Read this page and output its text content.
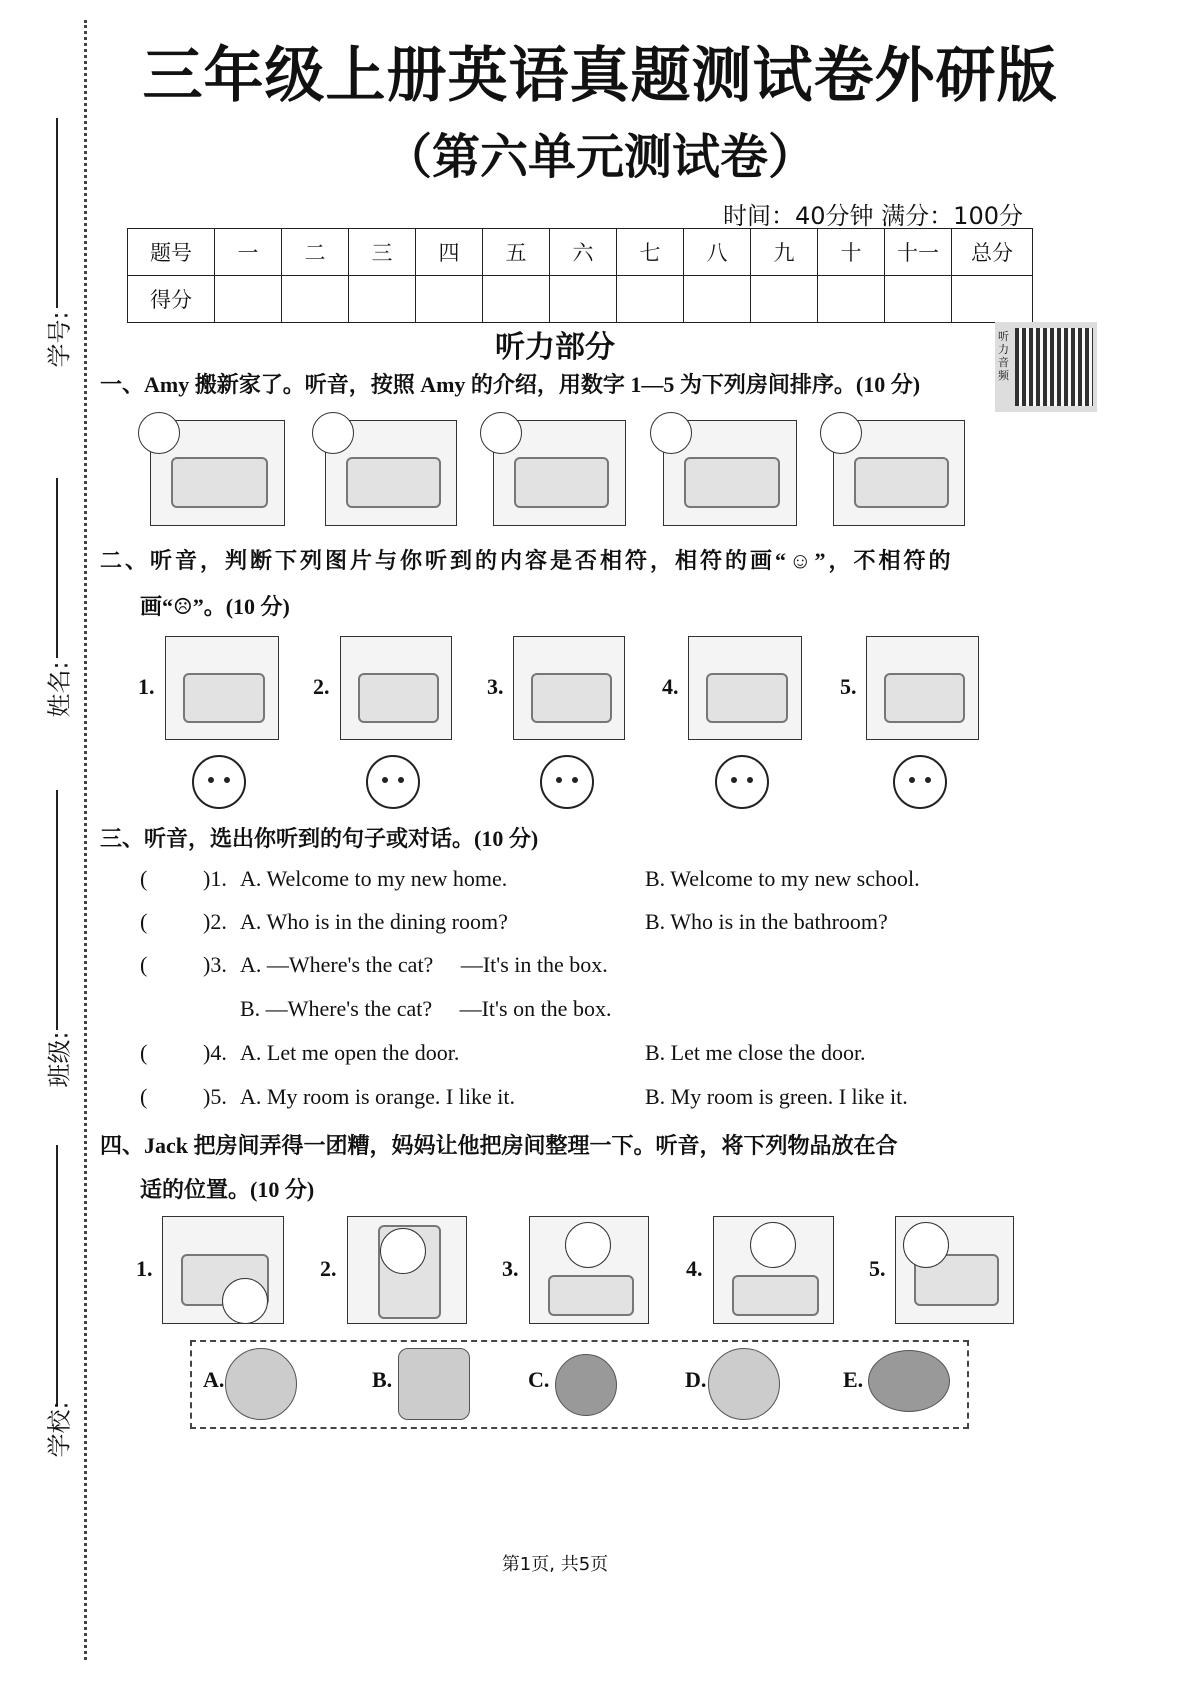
学号:
姓名:
班级:
学校:
三年级上册英语真题测试卷外研版
（第六单元测试卷）
时间：40分钟 满分：100分
题号	一	二	三	四	五	六	七	八	九	十	十一	总分
得分												
听力部分	听力音频
一、Amy 搬新家了。听音，按照 Amy 的介绍，用数字 1—5 为下列房间排序。(10 分)
二、听音，判断下列图片与你听到的内容是否相符，相符的画“☺”，不相符的
画“☹”。(10 分)
1.	2.	3.	4.	5.
三、听音，选出你听到的句子或对话。(10 分)
(	)1. A. Welcome to my new home.	B. Welcome to my new school.
(	)2. A. Who is in the dining room?	B. Who is in the bathroom?
(	)3. A. —Where's the cat?     —It's in the box.
B. —Where's the cat?     —It's on the box.
(	)4. A. Let me open the door.	B. Let me close the door.
(	)5. A. My room is orange. I like it.	B. My room is green. I like it.
四、Jack 把房间弄得一团糟，妈妈让他把房间整理一下。听音，将下列物品放在合
适的位置。(10 分)
1.	2.	3.	4.	5.
A.	B.	C.	D.	E.
第1页, 共5页
